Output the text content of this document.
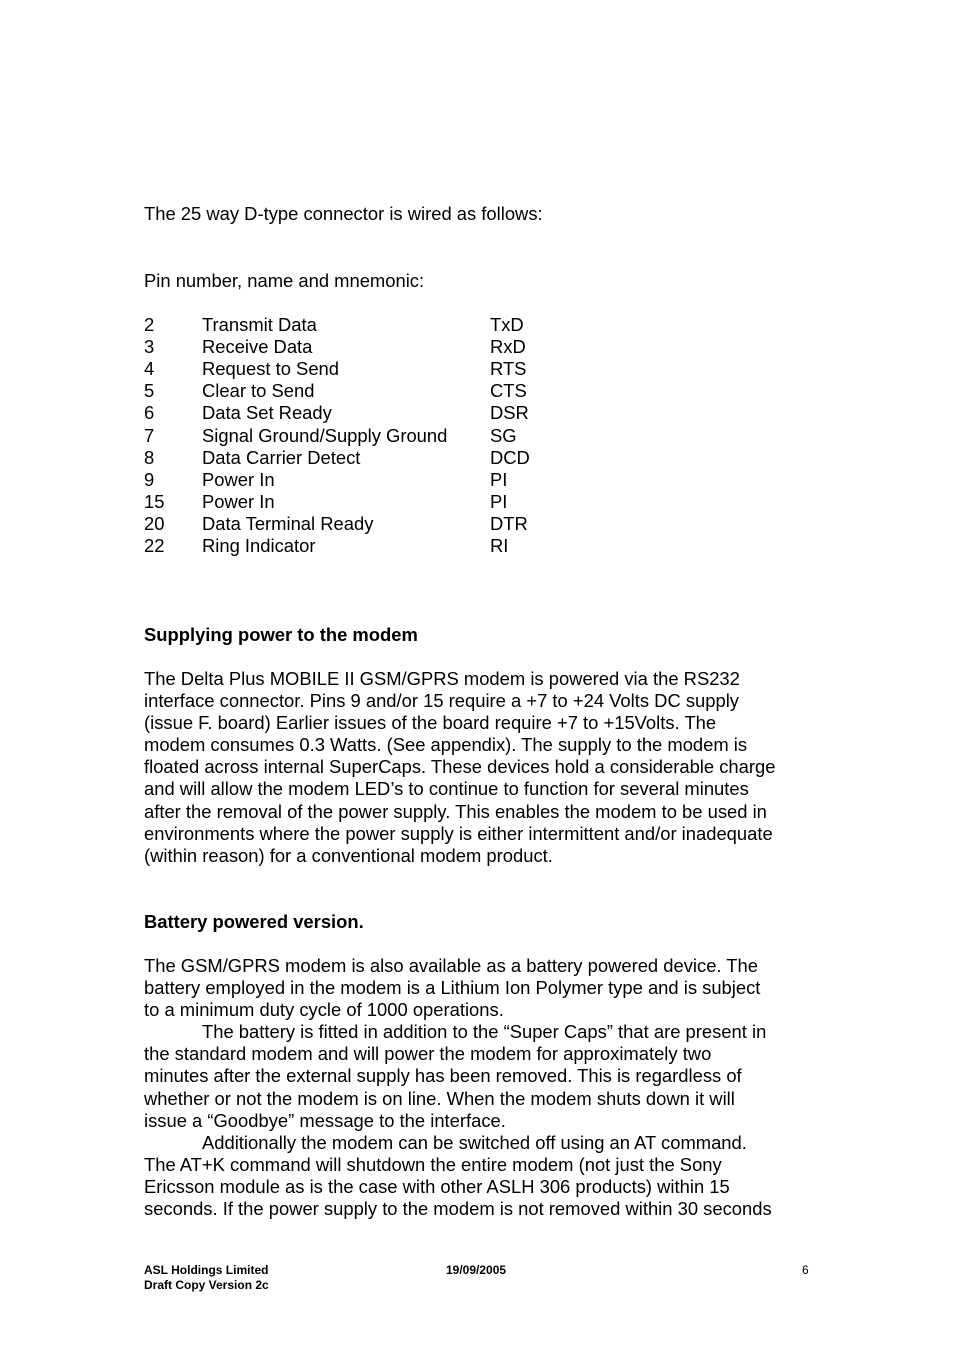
The 25 way D-type connector is wired as follows:
Pin number, name and mnemonic:
2	Transmit Data	TxD
3	Receive Data	RxD
4	Request to Send	RTS
5	Clear to Send	CTS
6	Data Set Ready	DSR
7	Signal Ground/Supply Ground SG
8	Data Carrier Detect	DCD
9	Power In	PI
15 Power In	PI
20 Data Terminal Ready	DTR
22 Ring Indicator	RI
Supplying power to the modem
The Delta Plus MOBILE II GSM/GPRS modem is powered via the RS232
interface connector. Pins 9 and/or 15 require a +7 to +24 Volts DC supply
(issue F. board) Earlier issues of the board require +7 to +15Volts. The
modem consumes 0.3 Watts. (See appendix). The supply to the modem is
floated across internal SuperCaps. These devices hold a considerable charge
and will allow the modem LED’s to continue to function for several minutes
after the removal of the power supply. This enables the modem to be used in
environments where the power supply is either intermittent and/or inadequate
(within reason) for a conventional modem product.
Battery powered version.
The GSM/GPRS modem is also available as a battery powered device. The
battery employed in the modem is a Lithium Ion Polymer type and is subject
to a minimum duty cycle of 1000 operations.
The battery is fitted in addition to the “Super Caps” that are present in
the standard modem and will power the modem for approximately two
minutes after the external supply has been removed. This is regardless of
whether or not the modem is on line. When the modem shuts down it will
issue a “Goodbye” message to the interface.
Additionally the modem can be switched off using an AT command.
The AT+K command will shutdown the entire modem (not just the Sony
Ericsson module as is the case with other ASLH 306 products) within 15
seconds. If the power supply to the modem is not removed within 30 seconds
ASL Holdings Limited
Draft Copy Version 2c
19/09/2005	6
